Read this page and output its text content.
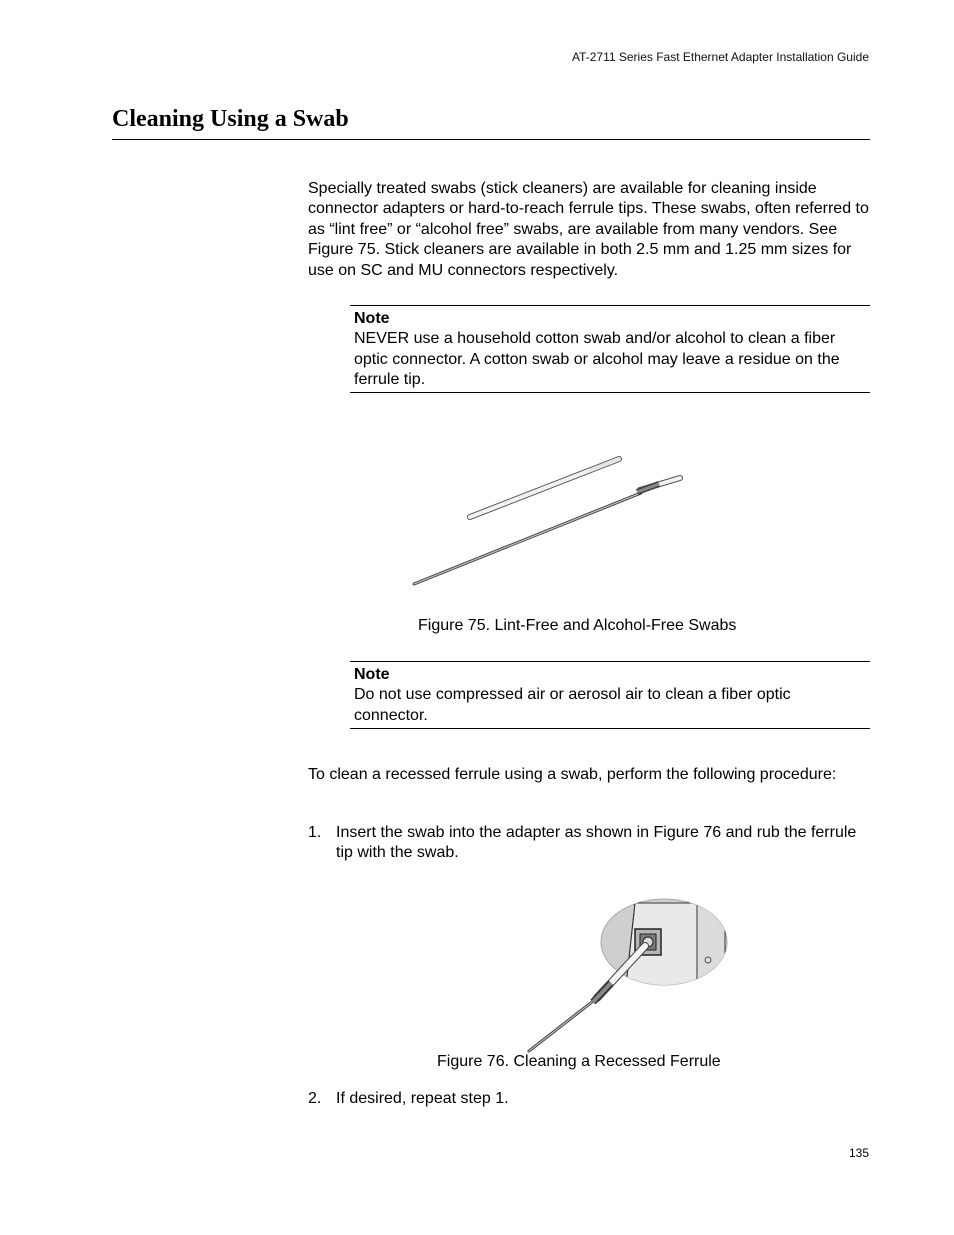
AT-2711 Series Fast Ethernet Adapter Installation Guide
Cleaning Using a Swab
Specially treated swabs (stick cleaners) are available for cleaning inside connector adapters or hard-to-reach ferrule tips. These swabs, often referred to as “lint free” or “alcohol free” swabs, are available from many vendors. See Figure 75. Stick cleaners are available in both 2.5 mm and 1.25 mm sizes for use on SC and MU connectors respectively.
Note
NEVER use a household cotton swab and/or alcohol to clean a fiber optic connector. A cotton swab or alcohol may leave a residue on the ferrule tip.
Figure 75. Lint-Free and Alcohol-Free Swabs
Note
Do not use compressed air or aerosol air to clean a fiber optic connector.
To clean a recessed ferrule using a swab, perform the following procedure:
1. Insert the swab into the adapter as shown in Figure 76 and rub the ferrule tip with the swab.
Figure 76. Cleaning a Recessed Ferrule
2. If desired, repeat step 1.
135
